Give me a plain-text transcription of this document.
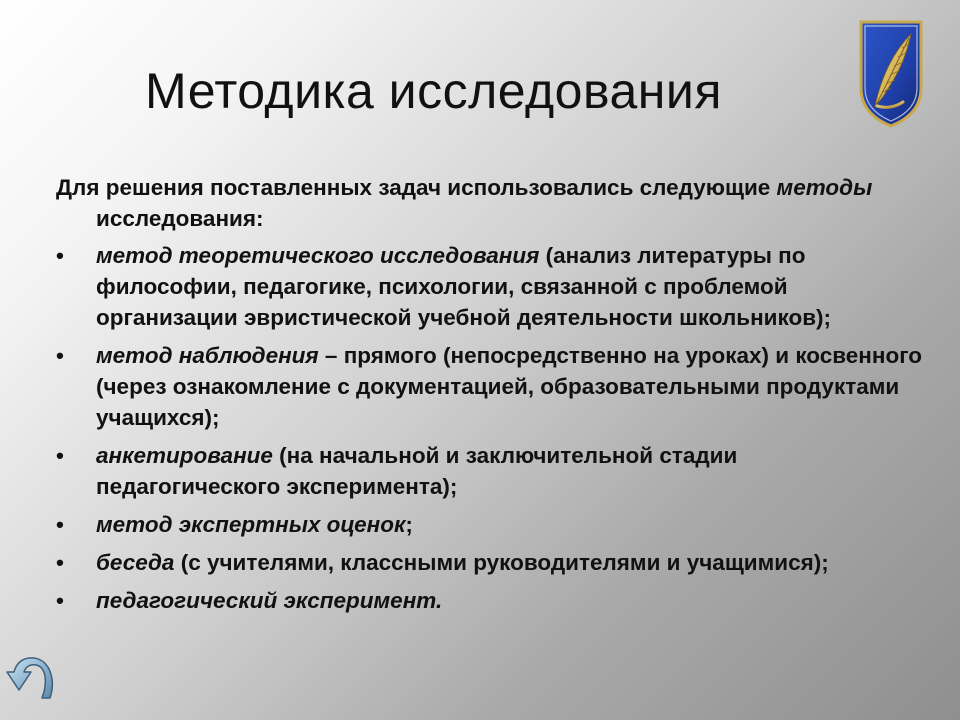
Методика исследования

Для решения поставленных задач использовались следующие методы исследования:

• метод теоретического исследования (анализ литературы по философии, педагогике, психологии, связанной с проблемой организации эвристической учебной деятельности школьников);
• метод наблюдения – прямого (непосредственно на уроках) и косвенного (через ознакомление с документацией, образовательными продуктами учащихся);
• анкетирование (на начальной и заключительной стадии педагогического эксперимента);
• метод экспертных оценок;
• беседа (с учителями, классными руководителями и учащимися);
• педагогический эксперимент.
